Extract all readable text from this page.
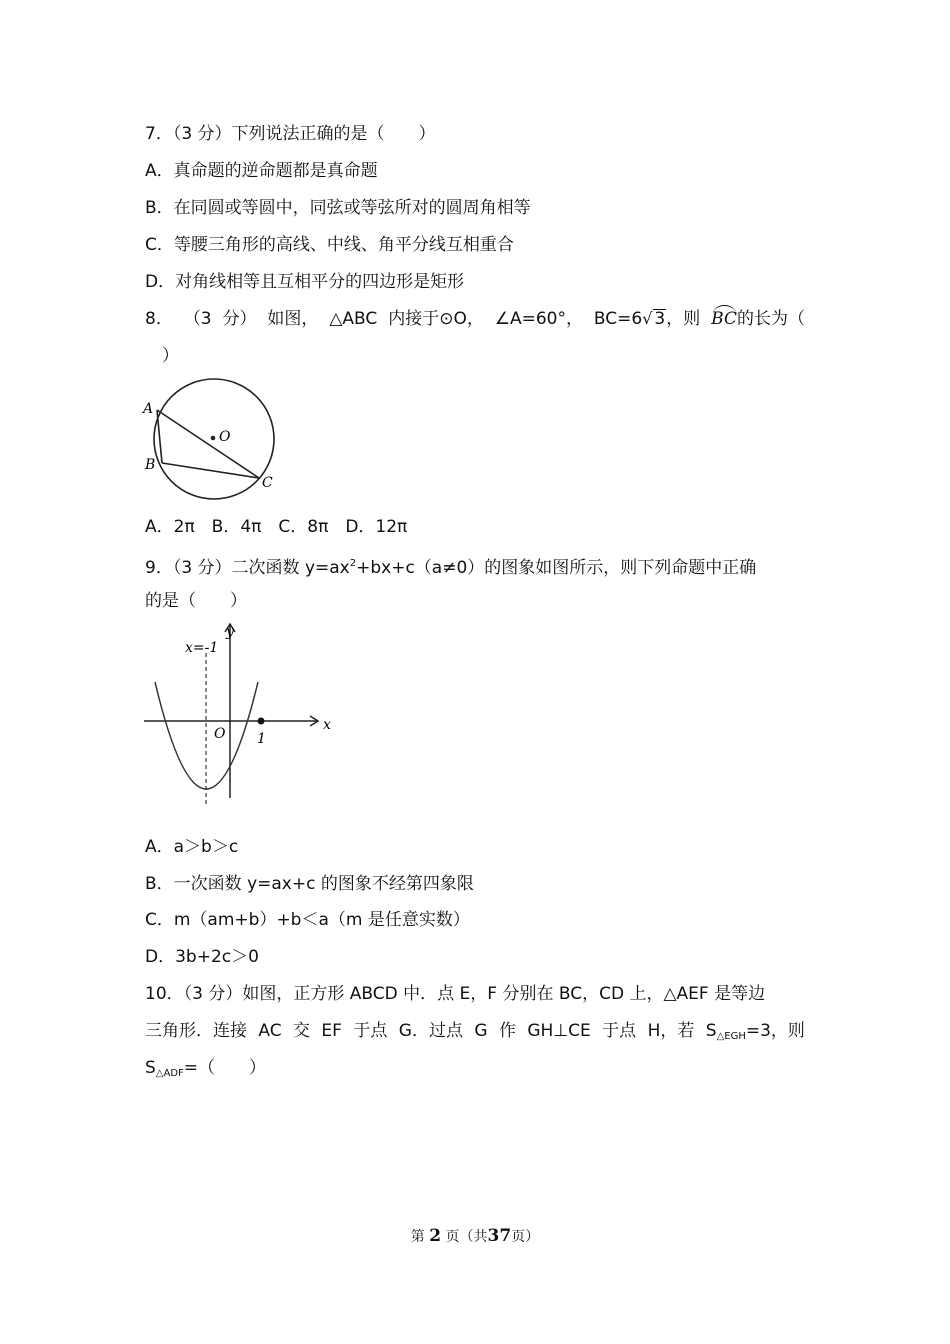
7．（3 分）下列说法正确的是（　　）
A．真命题的逆命题都是真命题
B．在同圆或等圆中，同弦或等弦所对的圆周角相等
C．等腰三角形的高线、中线、角平分线互相重合
D．对角线相等且互相平分的四边形是矩形
8． （3 分） 如图， △ABC 内接于⊙O， ∠A=60°， BC=6√ 3，则 BC的长为（
）
A
B
C
O
A．2π　B．4π　C．8π　D．12π
9．（3 分）二次函数 $y=ax^2+bx+c(a\ne 0)$的图象如图所示，则下列命题中正确
的是（　　）
y
x
O
x=-1
1
A．a＞b＞c
B．一次函数 y=ax+c 的图象不经第四象限
C．m（am+b）+b＜a（m 是任意实数）
D．3b+2c＞0
10．（3 分）如图，正方形 ABCD 中．点 E，F 分别在 BC，CD 上，△AEF 是等边
三角形．连接 AC 交 EF 于点 G．过点 G 作 GH⊥CE 于点 H，若 $S_{\triangle EGH}=3$，则
$S_{\triangle ADF}=$（　　）
第 2 页（共37页）
